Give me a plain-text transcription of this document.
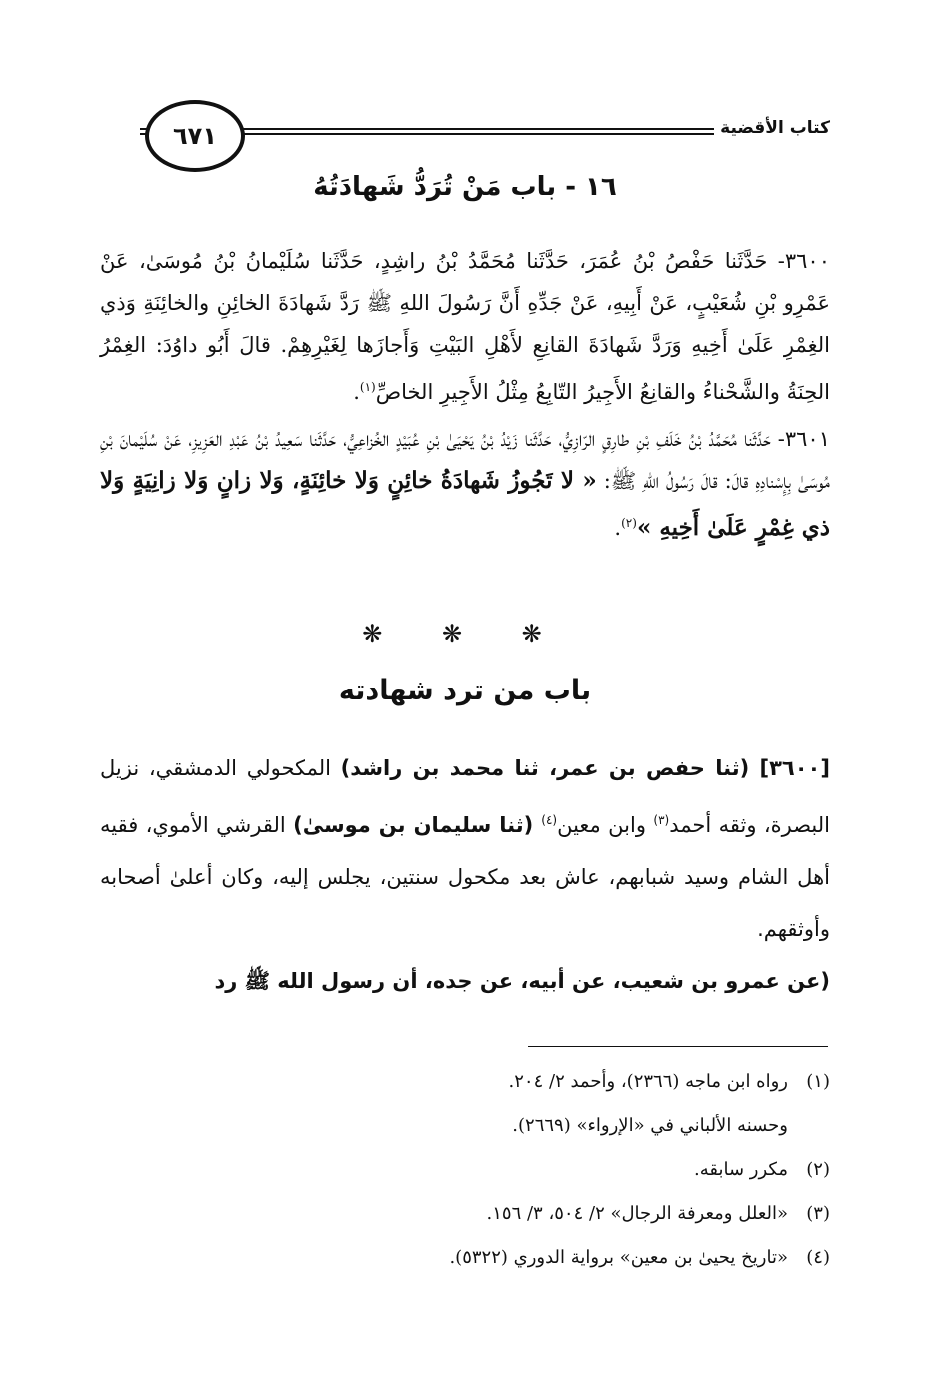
كتاب الأقضية
٦٧١
١٦ - باب مَنْ تُرَدُّ شَهادَتُهُ
٣٦٠٠- حَدَّثَنا حَفْصُ بْنُ عُمَرَ، حَدَّثَنا مُحَمَّدُ بْنُ راشِدٍ، حَدَّثَنا سُلَيْمانُ بْنُ مُوسَىٰ، عَنْ عَمْرِو بْنِ شُعَيْبٍ، عَنْ أَبِيهِ، عَنْ جَدِّهِ أَنَّ رَسُولَ اللهِ ﷺ رَدَّ شَهادَةَ الخائِنِ والخائِنَةِ وَذي الغِمْرِ عَلَىٰ أَخِيهِ وَرَدَّ شَهادَةَ القانِعِ لأَهْلِ البَيْتِ وَأَجازَها لِغَيْرِهِمْ. قالَ أَبُو داوُدَ: الغِمْرُ الحِنَةُ والشَّحْناءُ والقانِعُ الأَجِيرُ التّابِعُ مِثْلُ الأَجِيرِ الخاصِّ$^{(١)}$.
٣٦٠١- حَدَّثَنا مُحَمَّدُ بْنُ خَلَفِ بْنِ طارِقٍ الرّازِيُّ، حَدَّثَنا زَيْدُ بْنُ يَحْيَىٰ بْنِ عُبَيْدٍ الخُزاعِيُّ، حَدَّثَنا سَعِيدُ بْنُ عَبْدِ العَزِيزِ، عَنْ سُلَيْمانَ بْنِ مُوسَىٰ بِإِسْنادِهِ قالَ: قالَ رَسُولُ اللهِ ﷺ: « لا تَجُوزُ شَهادَةُ خائِنٍ وَلا خائِنَةٍ، وَلا زانٍ وَلا زانِيَةٍ وَلا ذي غِمْرٍ عَلَىٰ أَخِيهِ »$^{(٢)}$.
❋ ❋ ❋
باب من ترد شهادته
[٣٦٠٠] (ثنا حفص بن عمر، ثنا محمد بن راشد) المكحولي الدمشقي، نزيل البصرة، وثقه أحمد$^{(٣)}$ وابن معين$^{(٤)}$ (ثنا سليمان بن موسىٰ) القرشي الأموي، فقيه أهل الشام وسيد شبابهم، عاش بعد مكحول سنتين، يجلس إليه، وكان أعلىٰ أصحابه وأوثقهم.
(عن عمرو بن شعيب، عن أبيه، عن جده، أن رسول الله ﷺ رد
(١)رواه ابن ماجه (٢٣٦٦)، وأحمد ٢/ ٢٠٤.
وحسنه الألباني في «الإرواء» (٢٦٦٩).
(٢)مكرر سابقه.
(٣)«العلل ومعرفة الرجال» ٢/ ٥٠٤، ٣/ ١٥٦.
(٤)«تاريخ يحيىٰ بن معين» برواية الدوري (٥٣٢٢).
